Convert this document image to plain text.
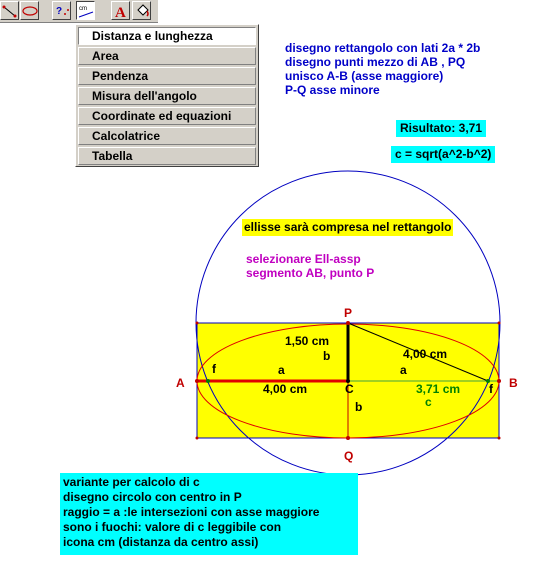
?	cm A
Distanza e lunghezza
Area
Pendenza
Misura dell'angolo
Coordinate ed equazioni
Calcolatrice
Tabella
disegno rettangolo con lati 2a * 2b
disegno punti mezzo di AB , PQ
unisco A-B (asse maggiore)
P-Q asse minore
Risultato: 3,71
c = sqrt(a^2-b^2)
ellisse sarà compresa nel rettangolo
selezionare Ell-assp
segmento AB, punto P
A	B
C
P
Q
f
f
1,50 cm
b	4,00 cm
a	a
4,00 cm	3,71 cm
b	c
variante per calcolo di c
disegno circolo con centro in P
raggio = a :le intersezioni con asse maggiore
sono i fuochi: valore di c leggibile con
icona cm (distanza da centro assi)
